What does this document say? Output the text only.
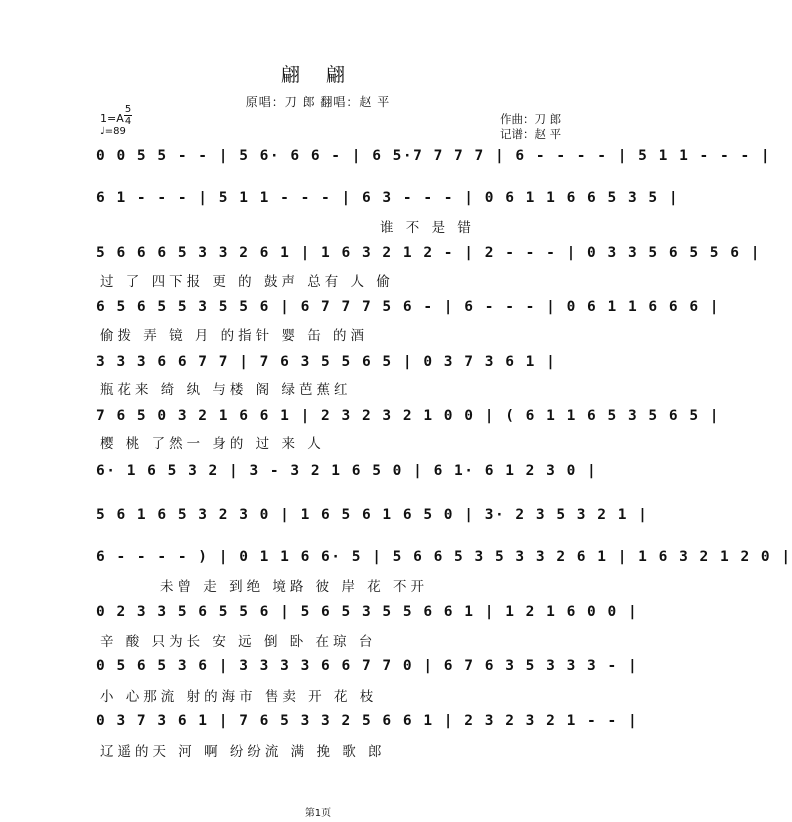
翩 翩
原唱：刀 郎 翻唱：赵 平
作曲：刀 郎
记谱：赵 平
1=A
5
4
♩=89
0 0 5 5 - - | 5 6· 6 6 - | 6 5·7 7 7 7 | 6 - - - - | 5 1 1 - - - |
6 1 - - - | 5 1 1 - - - | 6 3 - - - | 0 6 1 1 6 6 5 3 5 |
谁 不 是 错
5 6 6 6 5 3 3 2 6 1 | 1 6 3 2 1 2 - | 2 - - - | 0 3 3 5 6 5 5 6 |
过 了 四下报 更 的 鼓声 总有 人 偷
6 5 6 5 5 3 5 5 6 | 6 7 7 7 5 6 - | 6 - - - | 0 6 1 1 6 6 6 |
偷拨 弄 镜 月 的指针 婴 缶 的酒
3 3 3 6 6 7 7 | 7 6 3 5 5 6 5 | 0 3 7 3 6 1 |
瓶花来 绮 纨 与楼 阁 绿芭蕉红
7 6 5 0 3 2 1 6 6 1 | 2 3 2 3 2 1 0 0 | ( 6 1 1 6 5 3 5 6 5 |
樱 桃 了然一 身的 过 来 人
6· 1 6 5 3 2 | 3 - 3 2 1 6 5 0 | 6 1· 6 1 2 3 0 |
5 6 1 6 5 3 2 3 0 | 1 6 5 6 1 6 5 0 | 3· 2 3 5 3 2 1 |
6 - - - - ) | 0 1 1 6 6· 5 | 5 6 6 5 3 5 3 3 2 6 1 | 1 6 3 2 1 2 0 |
未曾 走 到绝 境路 彼 岸 花 不开
0 2 3 3 5 6 5 5 6 | 5 6 5 3 5 5 6 6 1 | 1 2 1 6 0 0 |
辛 酸 只为长 安 远 倒 卧 在琼 台
0 5 6 5 3 6 | 3 3 3 3 6 6 7 7 0 | 6 7 6 3 5 3 3 3 - |
小 心那流 射的海市 售卖 开 花 枝
0 3 7 3 6 1 | 7 6 5 3 3 2 5 6 6 1 | 2 3 2 3 2 1 - - |
辽遥的天 河 啊 纷纷流 满 挽 歌 郎
第1页
